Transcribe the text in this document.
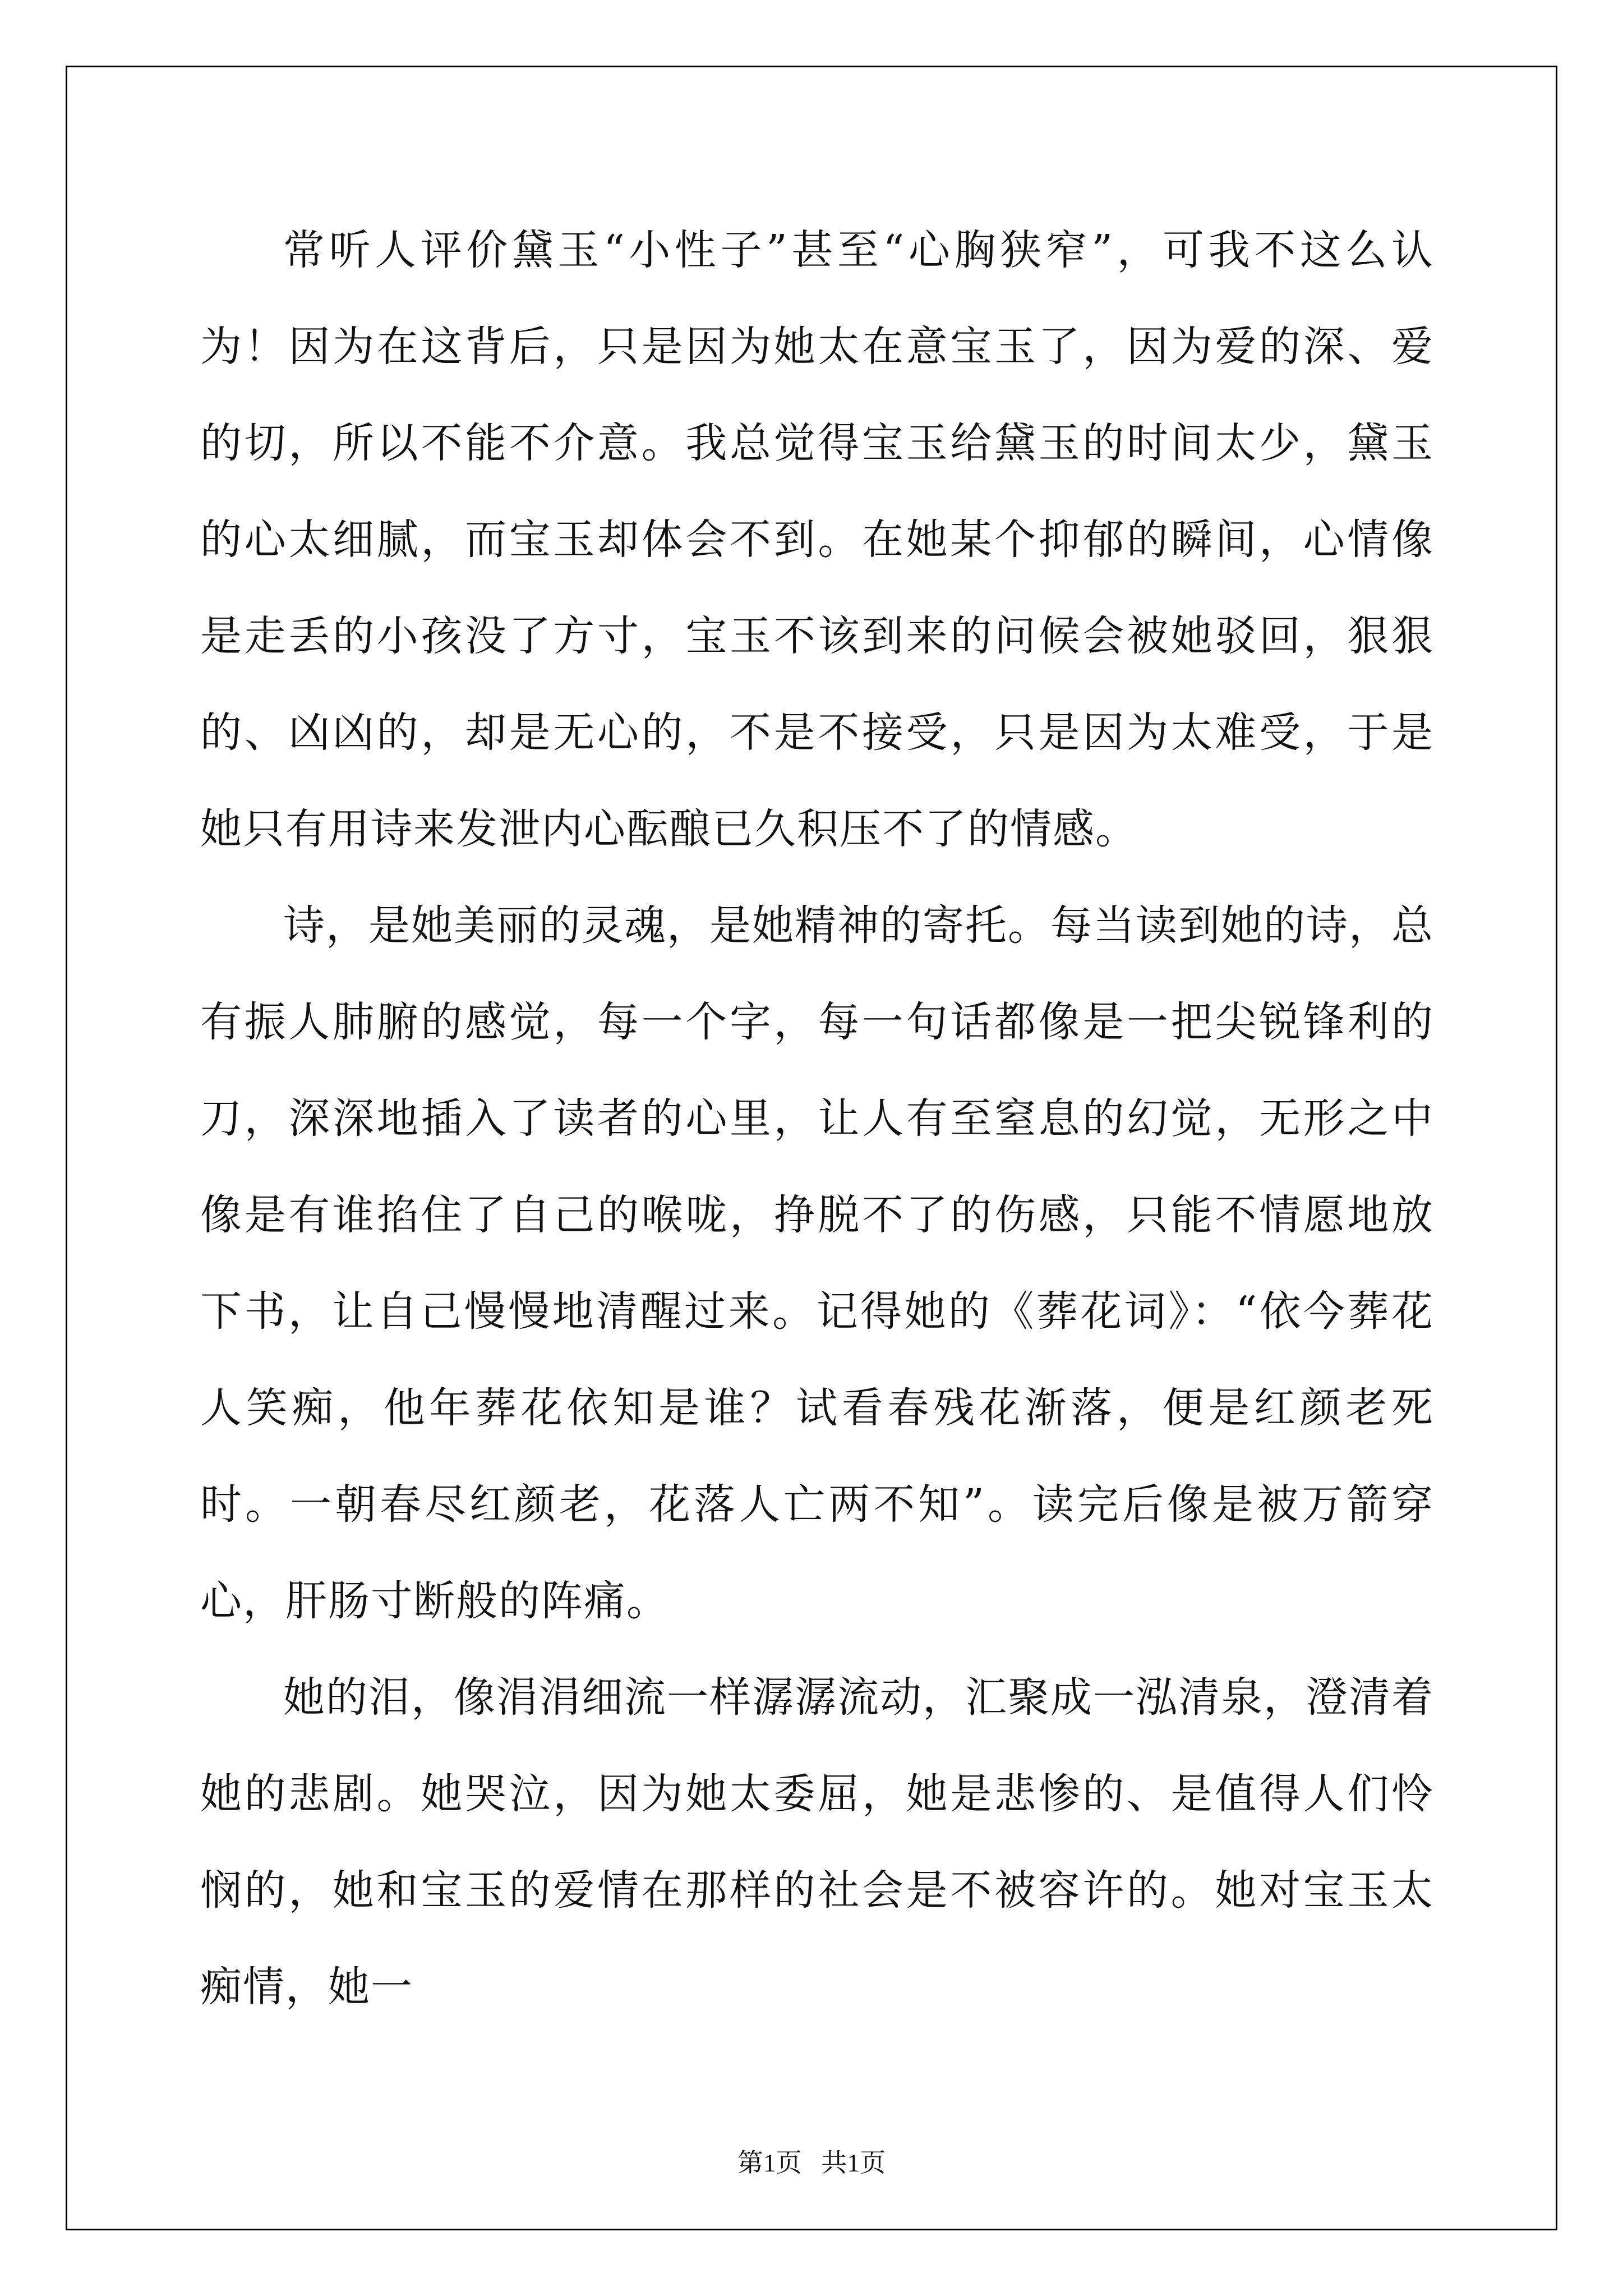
常听人评价黛玉“小性子”甚至“心胸狭窄”，可我不这么认为！因为在这背后，只是因为她太在意宝玉了，因为爱的深、爱的切，所以不能不介意。我总觉得宝玉给黛玉的时间太少，黛玉的心太细腻，而宝玉却体会不到。在她某个抑郁的瞬间，心情像是走丢的小孩没了方寸，宝玉不该到来的问候会被她驳回，狠狠的、凶凶的，却是无心的，不是不接受，只是因为太难受，于是她只有用诗来发泄内心酝酿已久积压不了的情感。

诗，是她美丽的灵魂，是她精神的寄托。每当读到她的诗，总有振人肺腑的感觉，每一个字，每一句话都像是一把尖锐锋利的刀，深深地插入了读者的心里，让人有至窒息的幻觉，无形之中像是有谁掐住了自己的喉咙，挣脱不了的伤感，只能不情愿地放下书，让自己慢慢地清醒过来。记得她的《葬花词》：“依今葬花人笑痴，他年葬花依知是谁？试看春残花渐落，便是红颜老死时。一朝春尽红颜老，花落人亡两不知”。读完后像是被万箭穿心，肝肠寸断般的阵痛。

她的泪，像涓涓细流一样潺潺流动，汇聚成一泓清泉，澄清着她的悲剧。她哭泣，因为她太委屈，她是悲惨的、是值得人们怜悯的，她和宝玉的爱情在那样的社会是不被容许的。她对宝玉太痴情，她一

第1页 共1页
